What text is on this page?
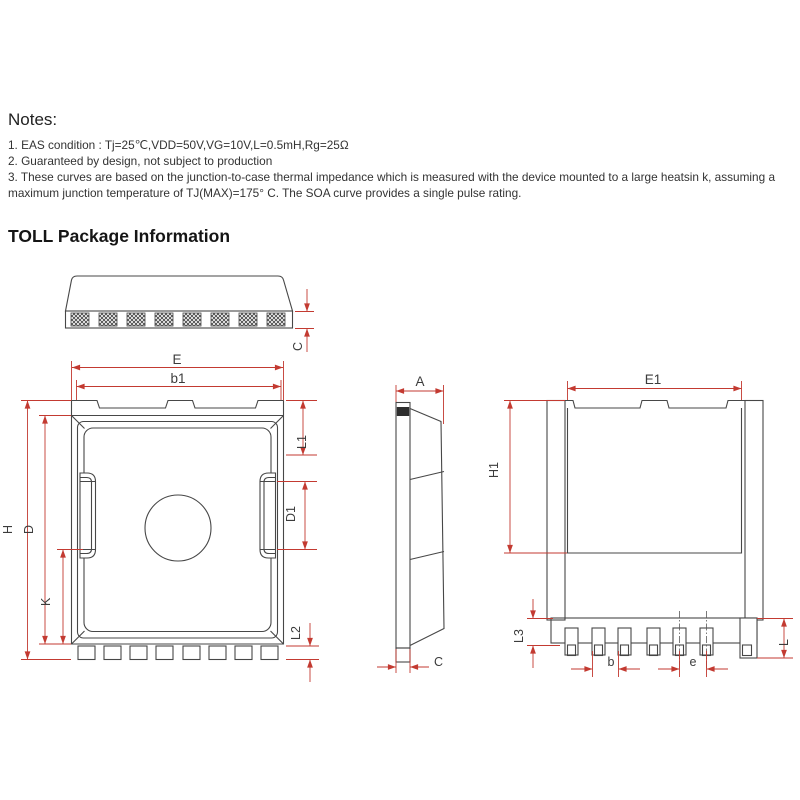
Notes:

1. EAS condition : Tj=25℃,VDD=50V,VG=10V,L=0.5mH,Rg=25Ω

2. Guaranteed by design, not subject to production

3. These curves are based on the junction-to-case thermal impedance which is measured with the device mounted to a large heatsin k, assuming a maximum junction temperature of TJ(MAX)=175° C. The SOA curve provides a single pulse rating.

TOLL Package Information
C
E
b1
H D
K
L1
D1
L2
A
C
E1
H1
L3	L
b	e
